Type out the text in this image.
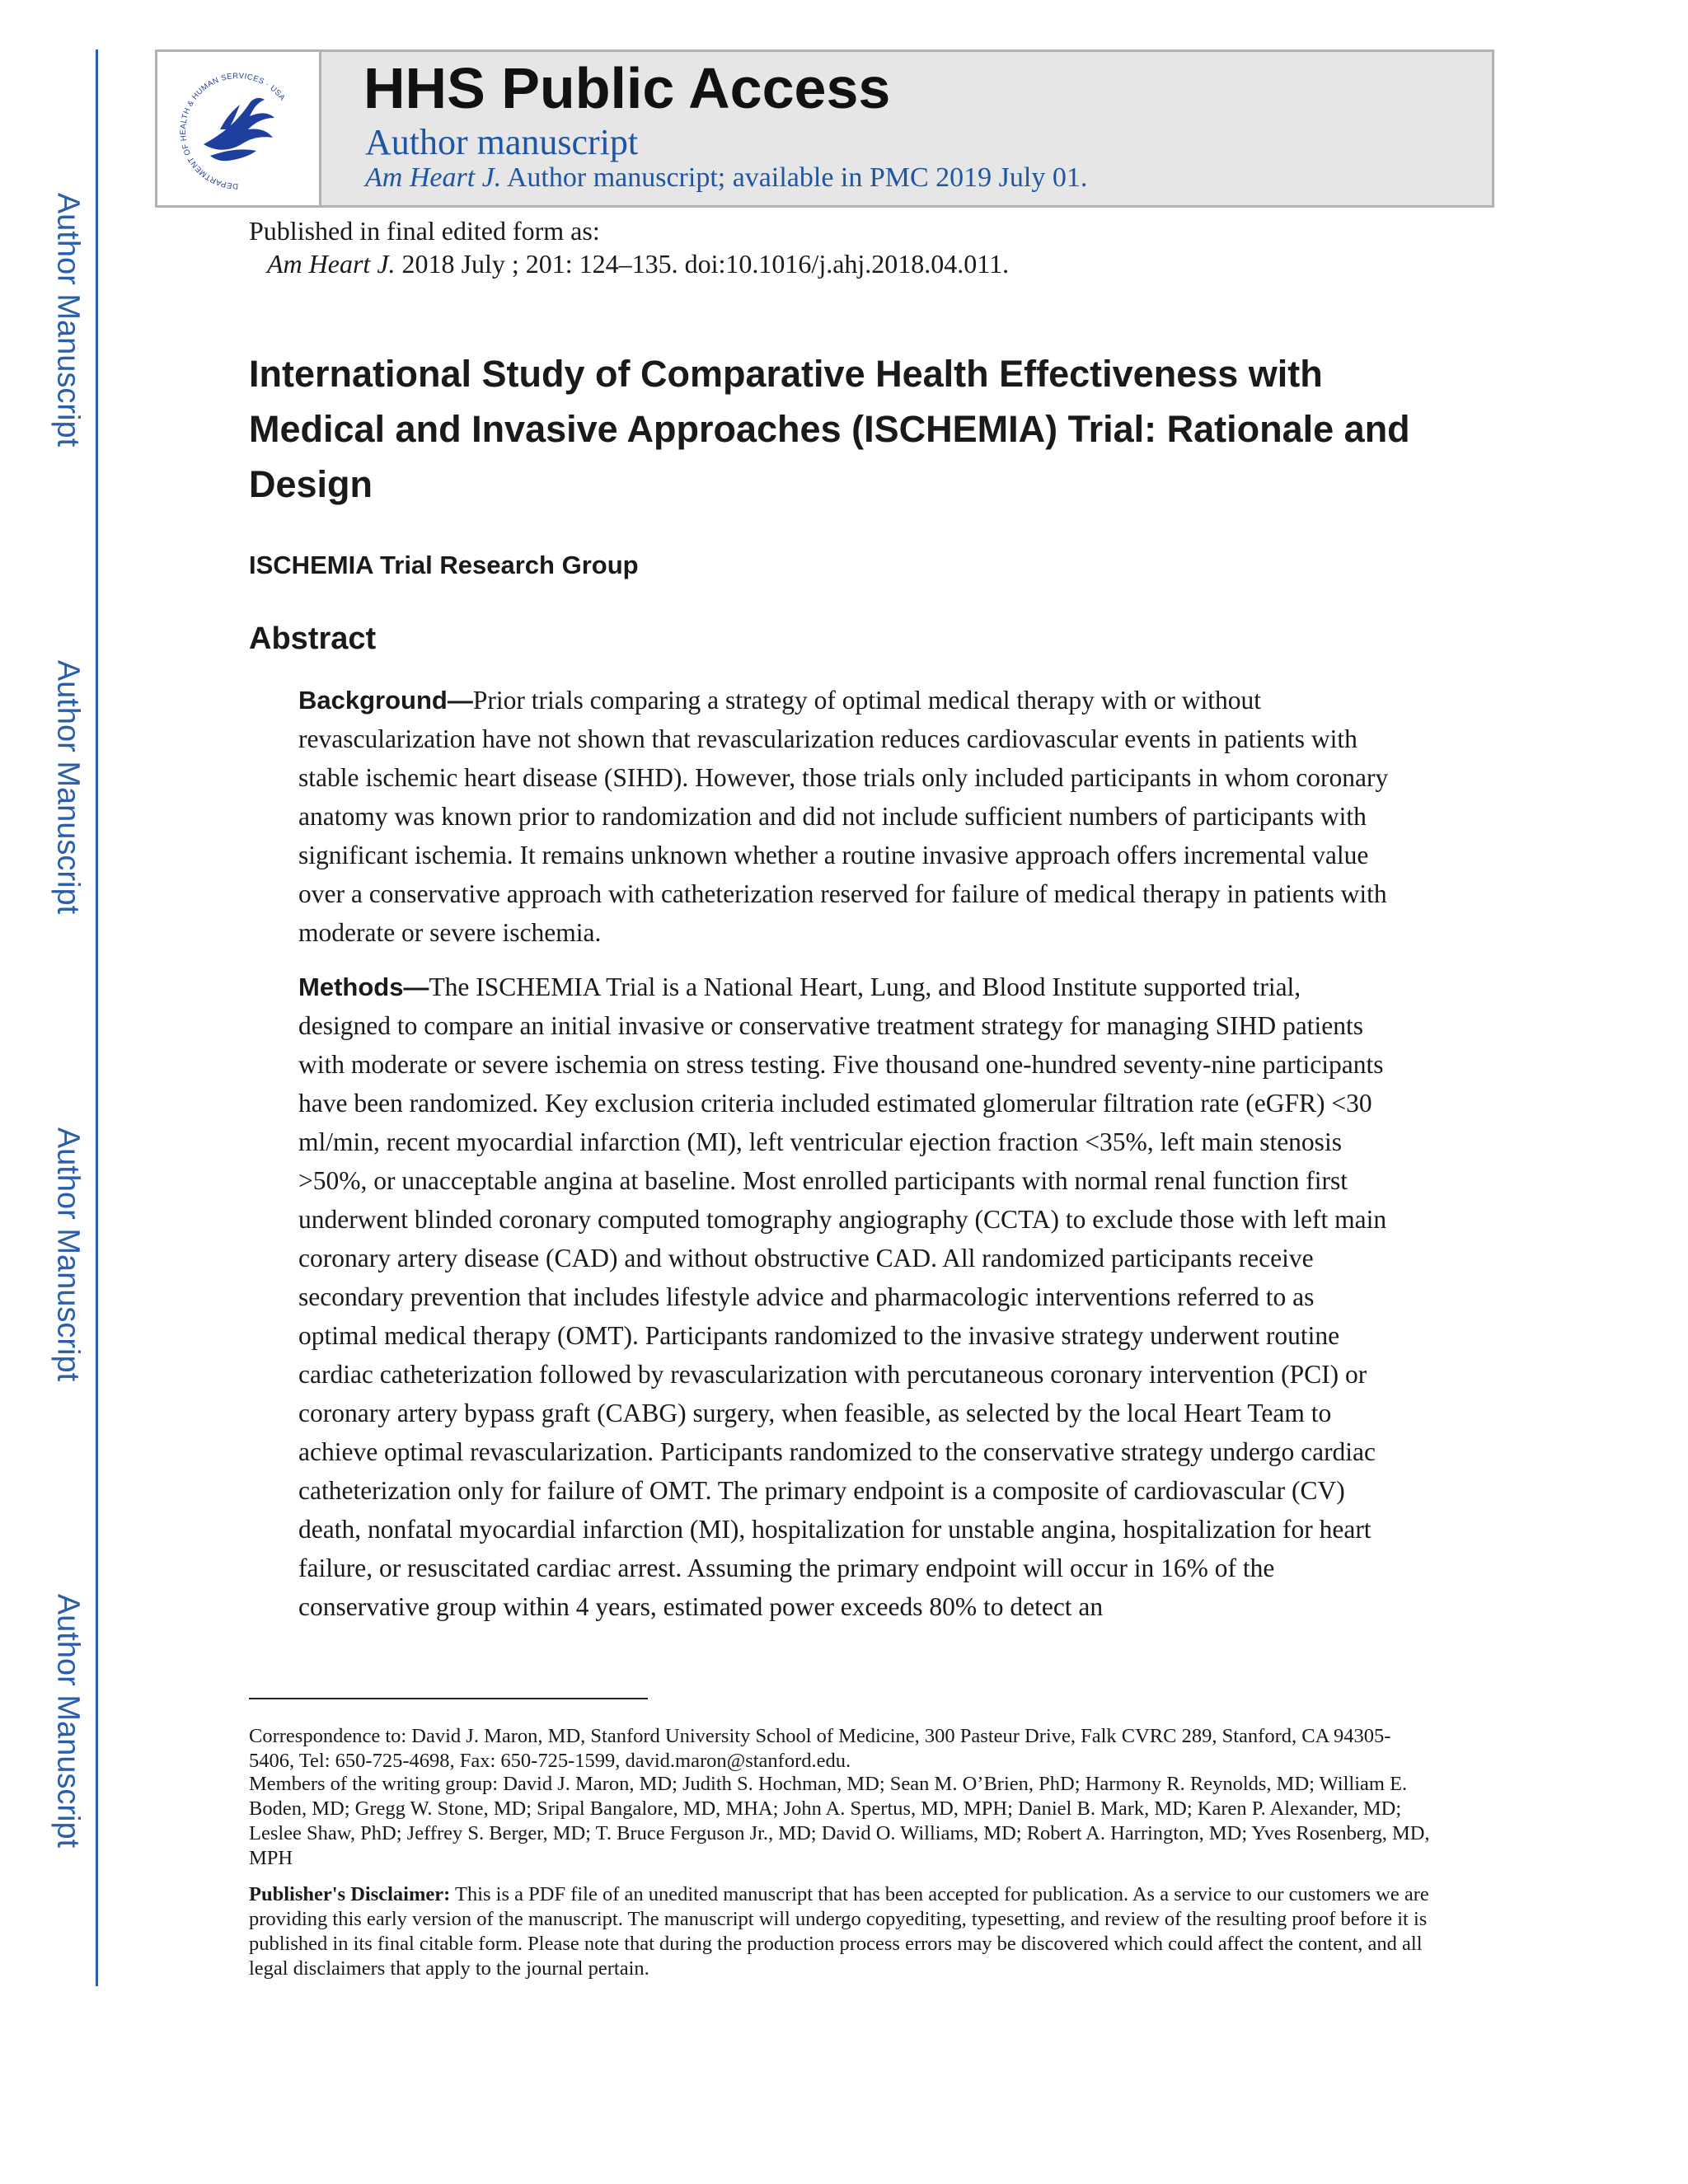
Author Manuscript
Author Manuscript
Author Manuscript
Author Manuscript
DEPARTMENT OF HEALTH & HUMAN SERVICES · USA HHS Public Access
Author manuscript
Am Heart J. Author manuscript; available in PMC 2019 July 01.
Published in final edited form as:
Am Heart J. 2018 July ; 201: 124–135. doi:10.1016/j.ahj.2018.04.011.
International Study of Comparative Health Effectiveness with Medical and Invasive Approaches (ISCHEMIA) Trial: Rationale and Design
ISCHEMIA Trial Research Group
Abstract
Background—Prior trials comparing a strategy of optimal medical therapy with or without revascularization have not shown that revascularization reduces cardiovascular events in patients with stable ischemic heart disease (SIHD). However, those trials only included participants in whom coronary anatomy was known prior to randomization and did not include sufficient numbers of participants with significant ischemia. It remains unknown whether a routine invasive approach offers incremental value over a conservative approach with catheterization reserved for failure of medical therapy in patients with moderate or severe ischemia.
Methods—The ISCHEMIA Trial is a National Heart, Lung, and Blood Institute supported trial, designed to compare an initial invasive or conservative treatment strategy for managing SIHD patients with moderate or severe ischemia on stress testing. Five thousand one-hundred seventy-nine participants have been randomized. Key exclusion criteria included estimated glomerular filtration rate (eGFR) <30 ml/min, recent myocardial infarction (MI), left ventricular ejection fraction <35%, left main stenosis >50%, or unacceptable angina at baseline. Most enrolled participants with normal renal function first underwent blinded coronary computed tomography angiography (CCTA) to exclude those with left main coronary artery disease (CAD) and without obstructive CAD. All randomized participants receive secondary prevention that includes lifestyle advice and pharmacologic interventions referred to as optimal medical therapy (OMT). Participants randomized to the invasive strategy underwent routine cardiac catheterization followed by revascularization with percutaneous coronary intervention (PCI) or coronary artery bypass graft (CABG) surgery, when feasible, as selected by the local Heart Team to achieve optimal revascularization. Participants randomized to the conservative strategy undergo cardiac catheterization only for failure of OMT. The primary endpoint is a composite of cardiovascular (CV) death, nonfatal myocardial infarction (MI), hospitalization for unstable angina, hospitalization for heart failure, or resuscitated cardiac arrest. Assuming the primary endpoint will occur in 16% of the conservative group within 4 years, estimated power exceeds 80% to detect an
Correspondence to: David J. Maron, MD, Stanford University School of Medicine, 300 Pasteur Drive, Falk CVRC 289, Stanford, CA 94305-5406, Tel: 650-725-4698, Fax: 650-725-1599, david.maron@stanford.edu.
Members of the writing group: David J. Maron, MD; Judith S. Hochman, MD; Sean M. O’Brien, PhD; Harmony R. Reynolds, MD; William E. Boden, MD; Gregg W. Stone, MD; Sripal Bangalore, MD, MHA; John A. Spertus, MD, MPH; Daniel B. Mark, MD; Karen P. Alexander, MD; Leslee Shaw, PhD; Jeffrey S. Berger, MD; T. Bruce Ferguson Jr., MD; David O. Williams, MD; Robert A. Harrington, MD; Yves Rosenberg, MD, MPH
Publisher's Disclaimer: This is a PDF file of an unedited manuscript that has been accepted for publication. As a service to our customers we are providing this early version of the manuscript. The manuscript will undergo copyediting, typesetting, and review of the resulting proof before it is published in its final citable form. Please note that during the production process errors may be discovered which could affect the content, and all legal disclaimers that apply to the journal pertain.
